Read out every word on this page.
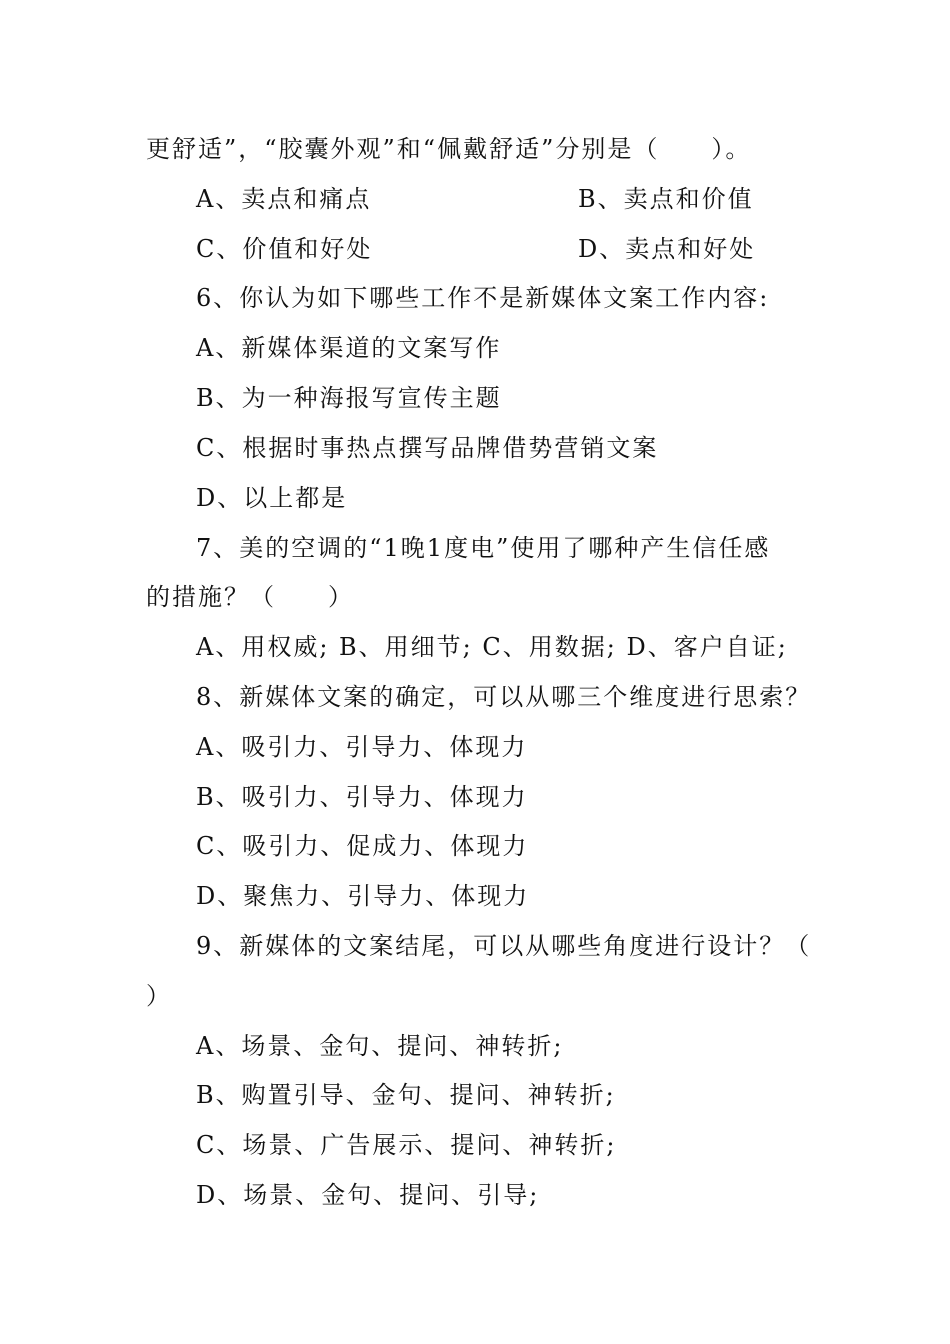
更舒适”，“胶囊外观”和“佩戴舒适”分别是（　　）。
A、卖点和痛点	B、卖点和价值
C、价值和好处	D、卖点和好处
6、你认为如下哪些工作不是新媒体文案工作内容:
A、新媒体渠道的文案写作
B、为一种海报写宣传主题
C、根据时事热点撰写品牌借势营销文案
D、以上都是
7、美的空调的“1晚1度电”使用了哪种产生信任感
的措施？（　　）
A、用权威; B、用细节; C、用数据; D、客户自证;
8、新媒体文案的确定，可以从哪三个维度进行思索？
A、吸引力、引导力、体现力
B、吸引力、引导力、体现力
C、吸引力、促成力、体现力
D、聚焦力、引导力、体现力
9、新媒体的文案结尾，可以从哪些角度进行设计？（
）
A、场景、金句、提问、神转折;
B、购置引导、金句、提问、神转折;
C、场景、广告展示、提问、神转折;
D、场景、金句、提问、引导;
